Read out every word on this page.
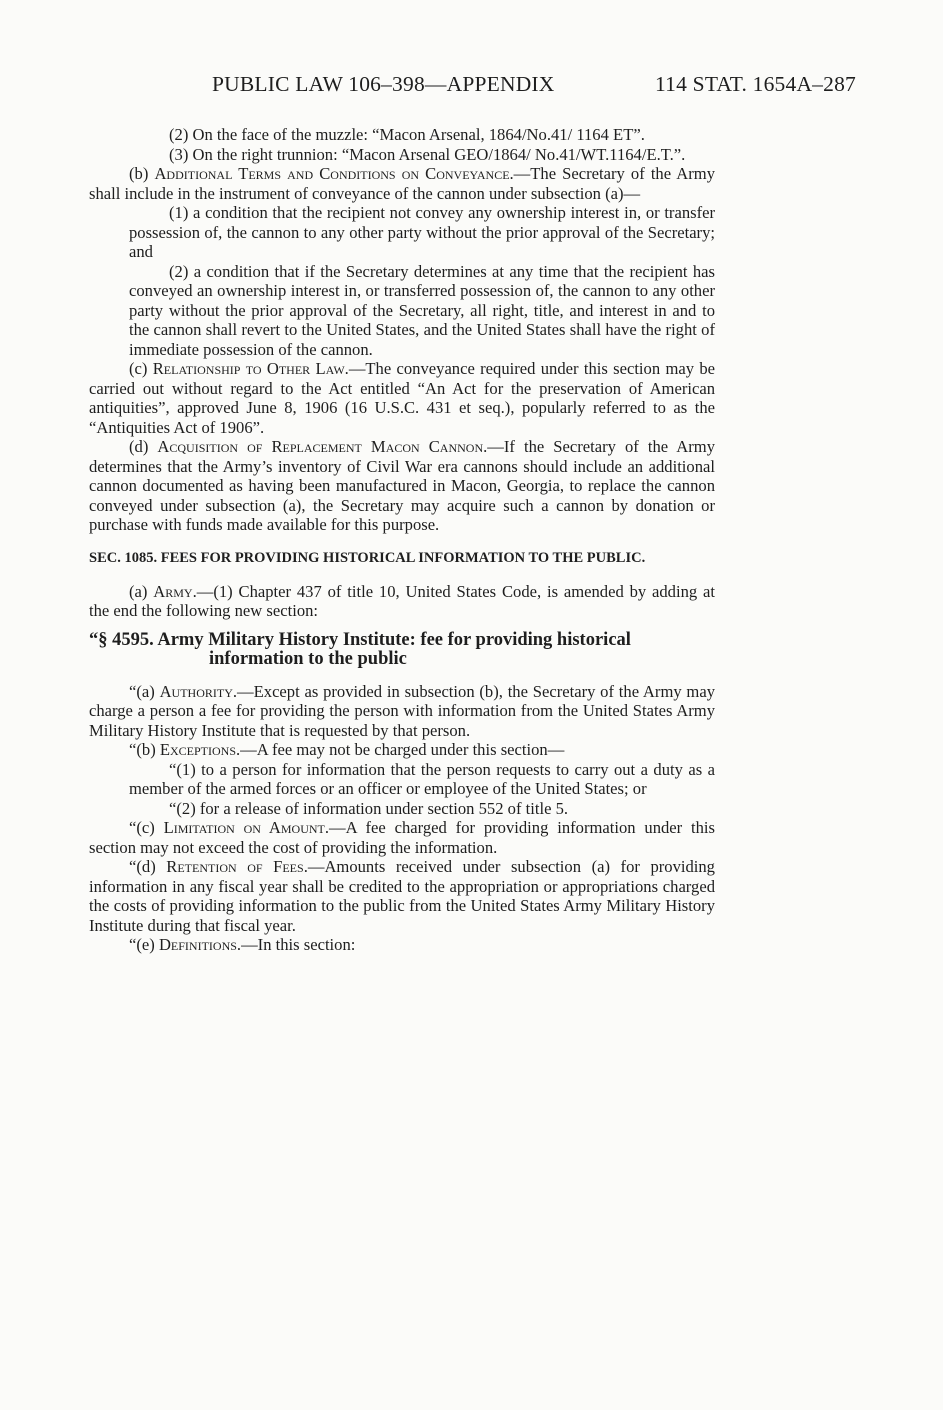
PUBLIC LAW 106–398—APPENDIX	114 STAT. 1654A–287

(2) On the face of the muzzle: “Macon Arsenal, 1864/No.41/ 1164 ET”.

(3) On the right trunnion: “Macon Arsenal GEO/1864/ No.41/WT.1164/E.T.”.

(b) Additional Terms and Conditions on Conveyance.—The Secretary of the Army shall include in the instrument of conveyance of the cannon under subsection (a)—

(1) a condition that the recipient not convey any ownership interest in, or transfer possession of, the cannon to any other party without the prior approval of the Secretary; and

(2) a condition that if the Secretary determines at any time that the recipient has conveyed an ownership interest in, or transferred possession of, the cannon to any other party without the prior approval of the Secretary, all right, title, and interest in and to the cannon shall revert to the United States, and the United States shall have the right of immediate possession of the cannon.

(c) Relationship to Other Law.—The conveyance required under this section may be carried out without regard to the Act entitled “An Act for the preservation of American antiquities”, approved June 8, 1906 (16 U.S.C. 431 et seq.), popularly referred to as the “Antiquities Act of 1906”.

(d) Acquisition of Replacement Macon Cannon.—If the Secretary of the Army determines that the Army’s inventory of Civil War era cannons should include an additional cannon documented as having been manufactured in Macon, Georgia, to replace the cannon conveyed under subsection (a), the Secretary may acquire such a cannon by donation or purchase with funds made available for this purpose.

SEC. 1085. FEES FOR PROVIDING HISTORICAL INFORMATION TO THE PUBLIC.

(a) Army.—(1) Chapter 437 of title 10, United States Code, is amended by adding at the end the following new section:

“§ 4595. Army Military History Institute: fee for providing historical information to the public

“(a) Authority.—Except as provided in subsection (b), the Secretary of the Army may charge a person a fee for providing the person with information from the United States Army Military History Institute that is requested by that person.

“(b) Exceptions.—A fee may not be charged under this section—

“(1) to a person for information that the person requests to carry out a duty as a member of the armed forces or an officer or employee of the United States; or

“(2) for a release of information under section 552 of title 5.

“(c) Limitation on Amount.—A fee charged for providing information under this section may not exceed the cost of providing the information.

“(d) Retention of Fees.—Amounts received under subsection (a) for providing information in any fiscal year shall be credited to the appropriation or appropriations charged the costs of providing information to the public from the United States Army Military History Institute during that fiscal year.

“(e) Definitions.—In this section:
